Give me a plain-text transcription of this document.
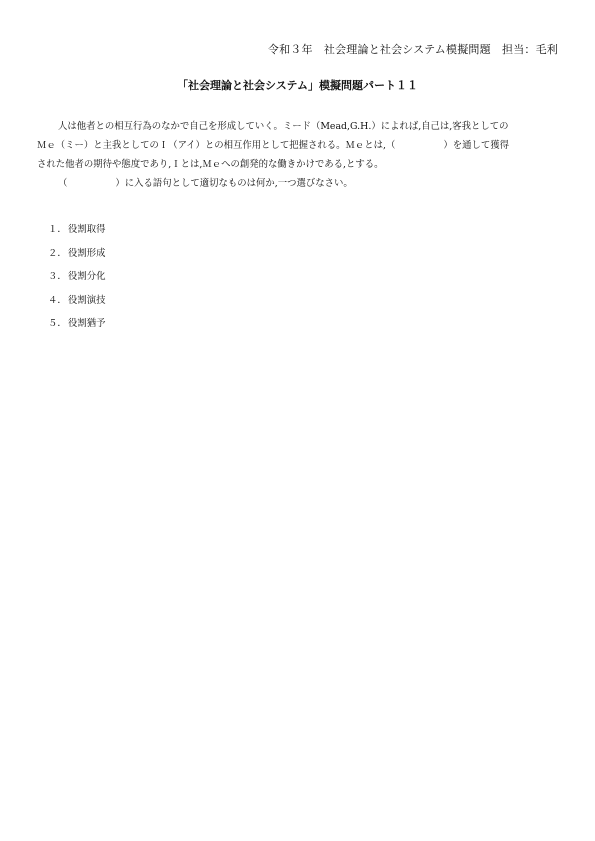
令和３年　社会理論と社会システム模擬問題　担当：毛利
「社会理論と社会システム」模擬問題パート１１
人は他者との相互行為のなかで自己を形成していく。ミード（Mead,G.H.）によれば,自己は,客我としての
Ｍｅ（ミー）と主我としてのＩ（アイ）との相互作用として把握される。Ｍｅとは,（	）を通して獲得
された他者の期待や態度であり,Ｉとは,Ｍｅへの創発的な働きかけである,とする。
（	）に入る語句として適切なものは何か,一つ選びなさい。
１．役割取得
２．役割形成
３．役割分化
４．役割演技
５．役割猶予
